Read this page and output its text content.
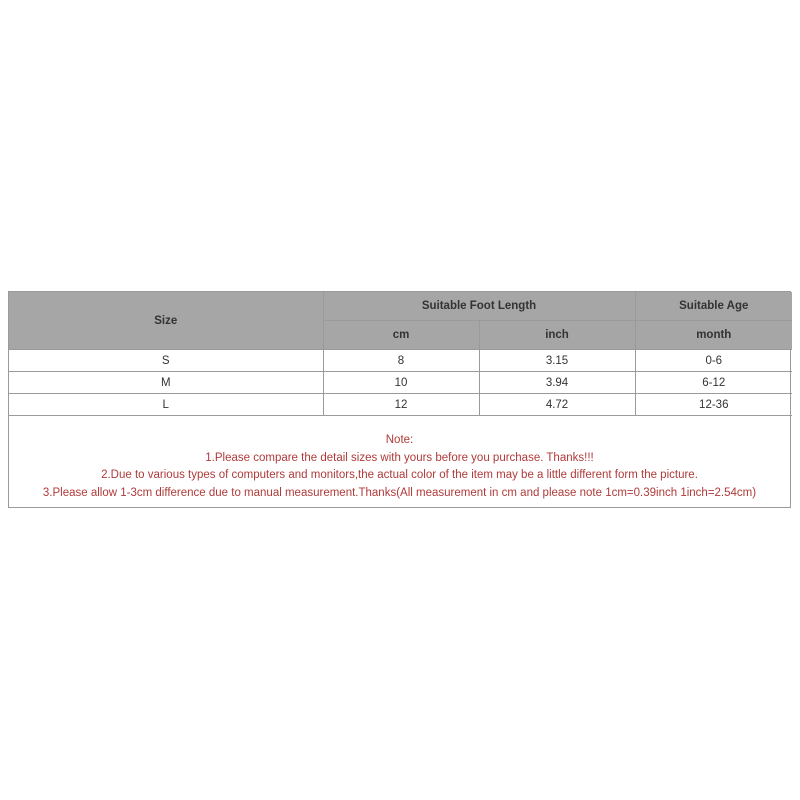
Size	Suitable Foot Length		Suitable Age
	cm	inch	month
S	8	3.15	0-6
M	10	3.94	6-12
L	12	4.72	12-36
Note:
1.Please compare the detail sizes with yours before you purchase. Thanks!!!
2.Due to various types of computers and monitors,the actual color of the item may be a little different form the picture.
3.Please allow 1-3cm difference due to manual measurement.Thanks(All measurement in cm and please note 1cm=0.39inch 1inch=2.54cm)
